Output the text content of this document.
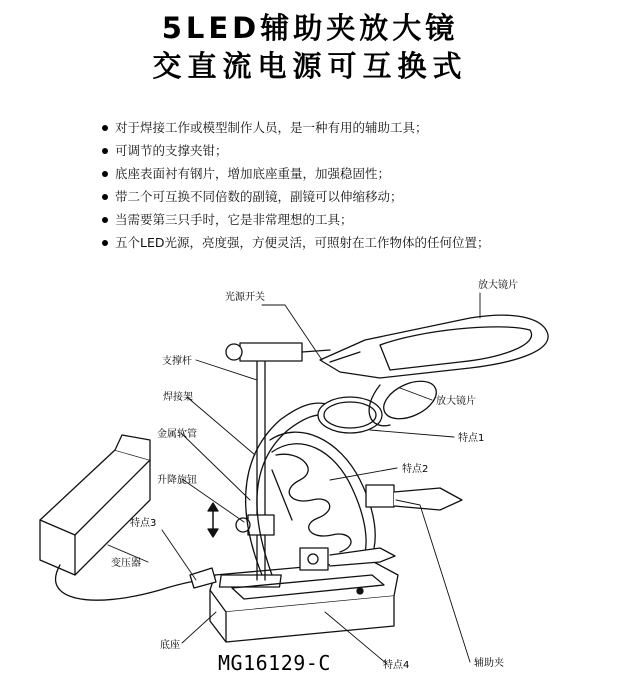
5LED辅助夹放大镜
交直流电源可互换式
对于焊接工作或模型制作人员，是一种有用的辅助工具；
可调节的支撑夹钳；
底座表面衬有钢片，增加底座重量，加强稳固性；
带二个可互换不同倍数的副镜，副镜可以伸缩移动；
当需要第三只手时，它是非常理想的工具；
五个LED光源，亮度强，方便灵活，可照射在工作物体的任何位置；
光源开关
放大镜片
支撑杆
焊接架
金属软管
升降旋钮
特点3
变压器
放大镜片
特点1
特点2
底座
特点4	辅助夹
MG16129-C
